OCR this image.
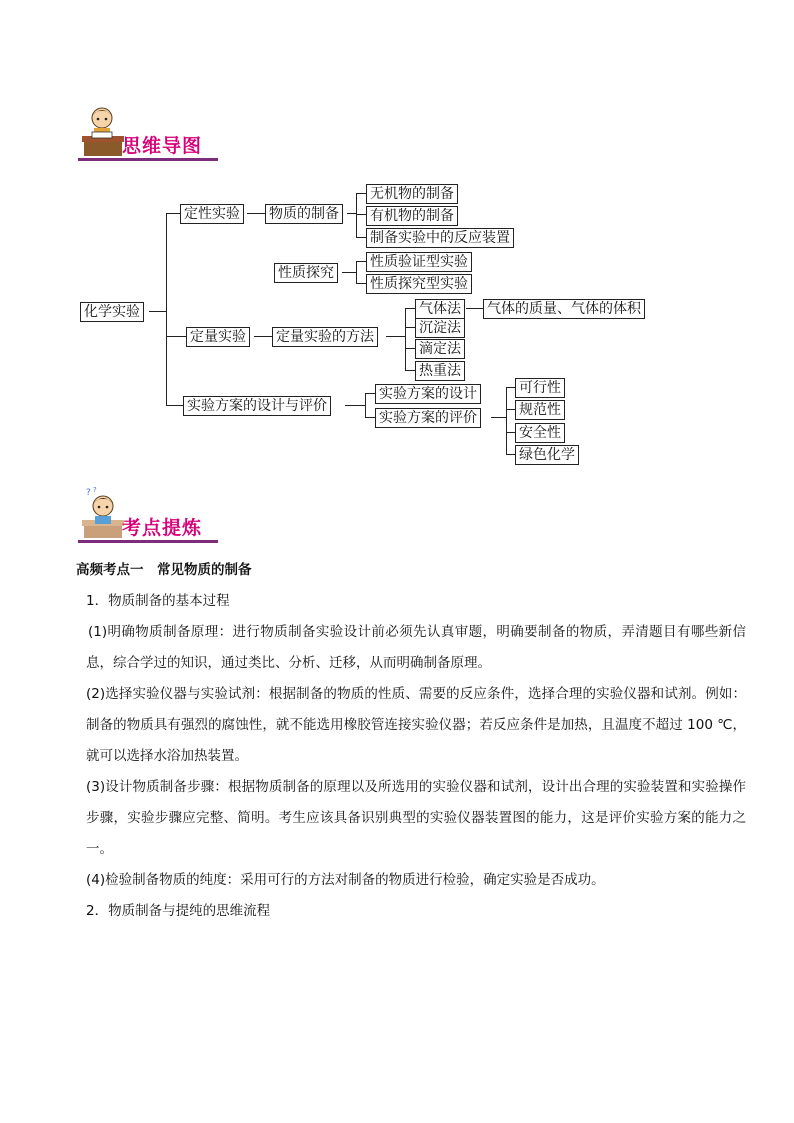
思维导图
化学实验
定性实验 物质的制备
无机物的制备
有机物的制备
制备实验中的反应装置
性质探究
性质验证型实验
性质探究型实验
定量实验 定量实验的方法
气体法
沉淀法
滴定法
热重法
气体的质量、气体的体积
实验方案的设计与评价
实验方案的设计
实验方案的评价
可行性
规范性
安全性
绿色化学
? ?
考点提炼

高频考点一　常见物质的制备

1．物质制备的基本过程

(1)明确物质制备原理：进行物质制备实验设计前必须先认真审题，明确要制备的物质，弄清题目有哪些新信息，综合学过的知识，通过类比、分析、迁移，从而明确制备原理。

(2)选择实验仪器与实验试剂：根据制备的物质的性质、需要的反应条件，选择合理的实验仪器和试剂。例如：制备的物质具有强烈的腐蚀性，就不能选用橡胶管连接实验仪器；若反应条件是加热，且温度不超过 100 ℃，就可以选择水浴加热装置。

(3)设计物质制备步骤：根据物质制备的原理以及所选用的实验仪器和试剂，设计出合理的实验装置和实验操作步骤，实验步骤应完整、简明。考生应该具备识别典型的实验仪器装置图的能力，这是评价实验方案的能力之一。

(4)检验制备物质的纯度：采用可行的方法对制备的物质进行检验，确定实验是否成功。

2．物质制备与提纯的思维流程
